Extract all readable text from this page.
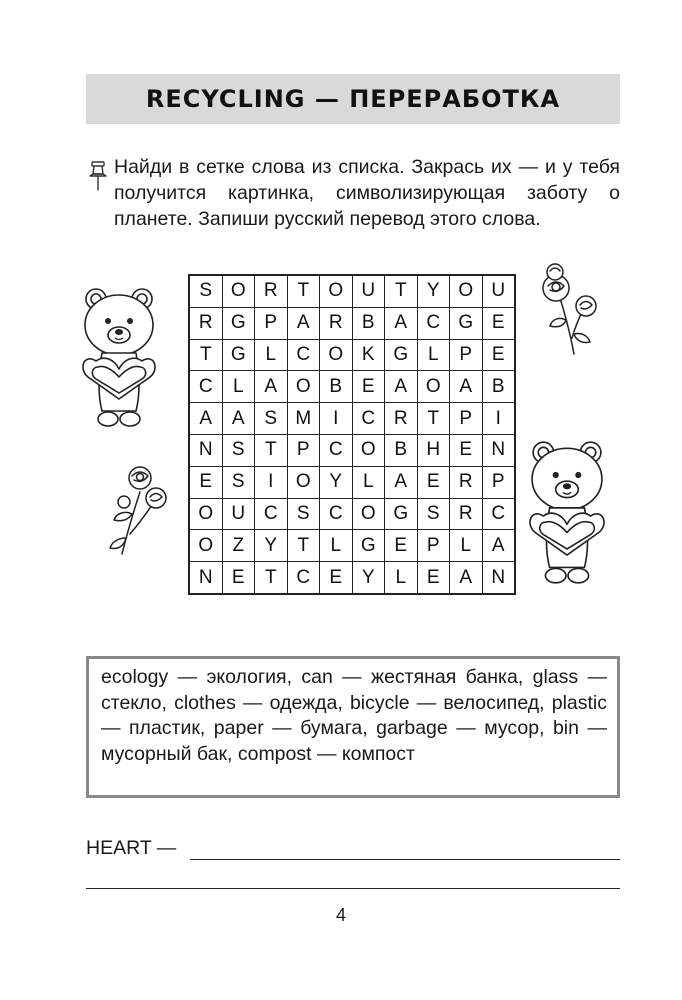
RECYCLING — ПЕРЕРАБОТКА

Найди в сетке слова из списка. Закрась их — и у тебя получится картинка, символизирующая заботу о планете. Запиши русский перевод этого слова.

S	O	R	T	O	U	T	Y	O	U
R	G	P	A	R	B	A	C	G	E
T	G	L	C	O	K	G	L	P	E
C	L	A	O	B	E	A	O	A	B
A	A	S	M	I	C	R	T	P	I
N	S	T	P	C	O	B	H	E	N
E	S	I	O	Y	L	A	E	R	P
O	U	C	S	C	O	G	S	R	C
O	Z	Y	T	L	G	E	P	L	A
N	E	T	C	E	Y	L	E	A	N

ecology — экология, can — жестяная банка, glass — стекло, clothes — одежда, bicycle — велосипед, plastic — пластик, paper — бумага, garbage — мусор, bin — мусорный бак, compost — компост

HEART —
4
